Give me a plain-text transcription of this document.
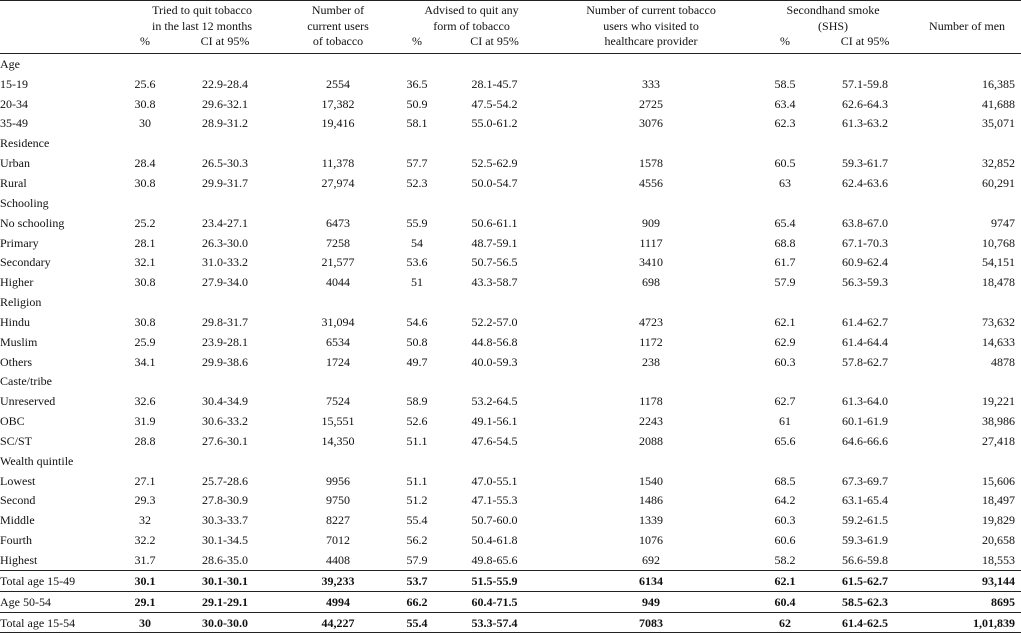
	Tried to quit tobacco		Number of	Advised to quit any		Number of current tobacco	Secondhand smoke		
	in the last 12 months		current users	form of tobacco		users who visited to	(SHS)		Number of men
	%	CI at 95%	of tobacco	%	CI at 95%	healthcare provider	%	CI at 95%	
Age									
15-19	25.6	22.9-28.4	2554	36.5	28.1-45.7	333	58.5	57.1-59.8	16,385
20-34	30.8	29.6-32.1	17,382	50.9	47.5-54.2	2725	63.4	62.6-64.3	41,688
35-49	30	28.9-31.2	19,416	58.1	55.0-61.2	3076	62.3	61.3-63.2	35,071
Residence									
Urban	28.4	26.5-30.3	11,378	57.7	52.5-62.9	1578	60.5	59.3-61.7	32,852
Rural	30.8	29.9-31.7	27,974	52.3	50.0-54.7	4556	63	62.4-63.6	60,291
Schooling									
No schooling	25.2	23.4-27.1	6473	55.9	50.6-61.1	909	65.4	63.8-67.0	9747
Primary	28.1	26.3-30.0	7258	54	48.7-59.1	1117	68.8	67.1-70.3	10,768
Secondary	32.1	31.0-33.2	21,577	53.6	50.7-56.5	3410	61.7	60.9-62.4	54,151
Higher	30.8	27.9-34.0	4044	51	43.3-58.7	698	57.9	56.3-59.3	18,478
Religion									
Hindu	30.8	29.8-31.7	31,094	54.6	52.2-57.0	4723	62.1	61.4-62.7	73,632
Muslim	25.9	23.9-28.1	6534	50.8	44.8-56.8	1172	62.9	61.4-64.4	14,633
Others	34.1	29.9-38.6	1724	49.7	40.0-59.3	238	60.3	57.8-62.7	4878
Caste/tribe									
Unreserved	32.6	30.4-34.9	7524	58.9	53.2-64.5	1178	62.7	61.3-64.0	19,221
OBC	31.9	30.6-33.2	15,551	52.6	49.1-56.1	2243	61	60.1-61.9	38,986
SC/ST	28.8	27.6-30.1	14,350	51.1	47.6-54.5	2088	65.6	64.6-66.6	27,418
Wealth quintile									
Lowest	27.1	25.7-28.6	9956	51.1	47.0-55.1	1540	68.5	67.3-69.7	15,606
Second	29.3	27.8-30.9	9750	51.2	47.1-55.3	1486	64.2	63.1-65.4	18,497
Middle	32	30.3-33.7	8227	55.4	50.7-60.0	1339	60.3	59.2-61.5	19,829
Fourth	32.2	30.1-34.5	7012	56.2	50.4-61.8	1076	60.6	59.3-61.9	20,658
Highest	31.7	28.6-35.0	4408	57.9	49.8-65.6	692	58.2	56.6-59.8	18,553
Total age 15-49	30.1	30.1-30.1	39,233	53.7	51.5-55.9	6134	62.1	61.5-62.7	93,144
Age 50-54	29.1	29.1-29.1	4994	66.2	60.4-71.5	949	60.4	58.5-62.3	8695
Total age 15-54	30	30.0-30.0	44,227	55.4	53.3-57.4	7083	62	61.4-62.5	1,01,839
